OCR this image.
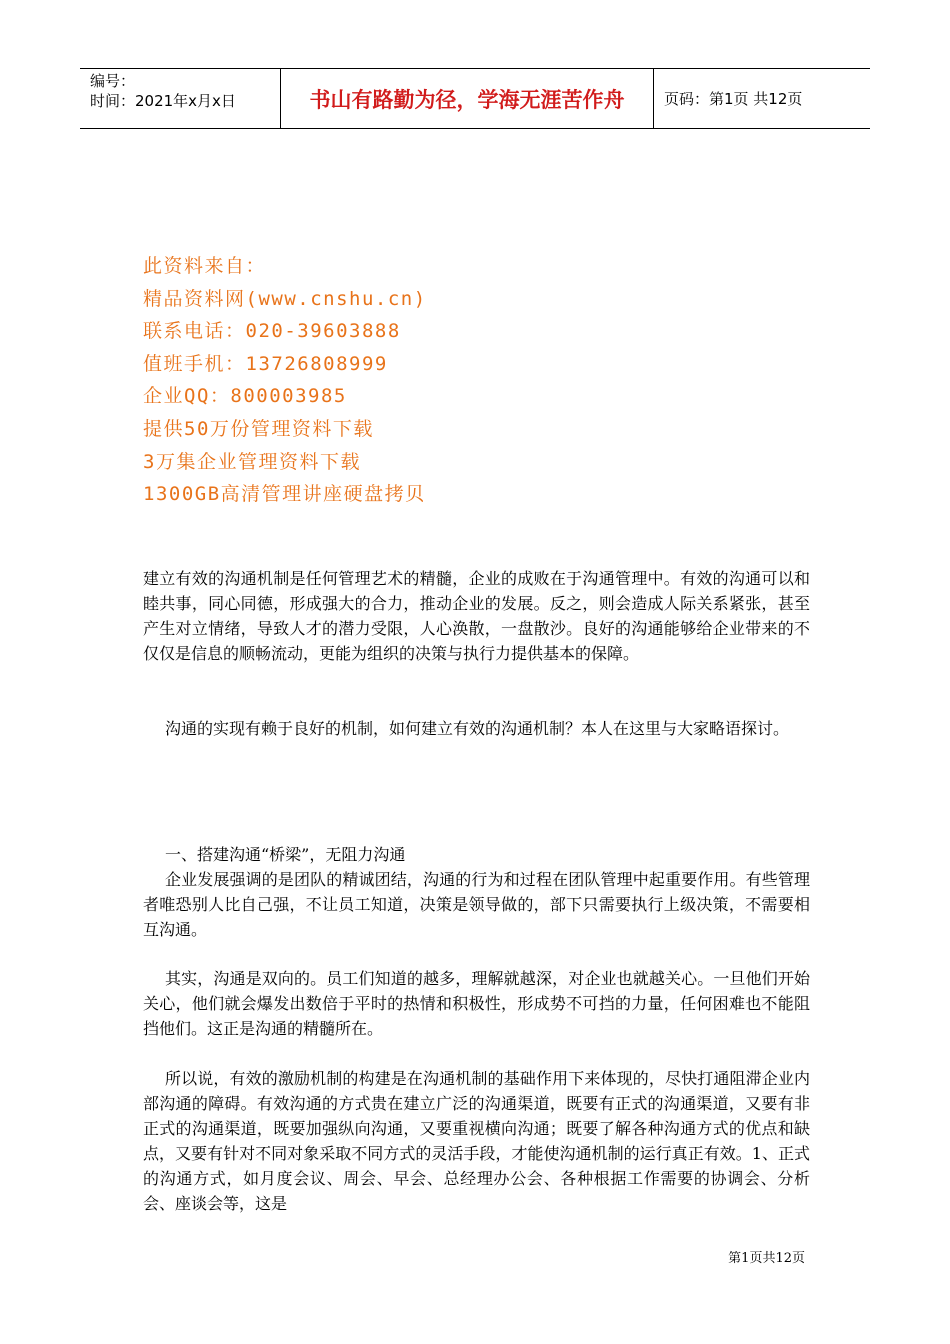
编号：
时间：2021年x月x日	书山有路勤为径，学海无涯苦作舟	页码：第1页 共12页
此资料来自：
精品资料网(www.cnshu.cn)
联系电话：020-39603888
值班手机：13726808999
企业QQ：800003985
提供50万份管理资料下载
3万集企业管理资料下载
1300GB高清管理讲座硬盘拷贝

建立有效的沟通机制是任何管理艺术的精髓，企业的成败在于沟通管理中。有效的沟通可以和睦共事，同心同德，形成强大的合力，推动企业的发展。反之，则会造成人际关系紧张，甚至产生对立情绪，导致人才的潜力受限，人心涣散，一盘散沙。良好的沟通能够给企业带来的不仅仅是信息的顺畅流动，更能为组织的决策与执行力提供基本的保障。

沟通的实现有赖于良好的机制，如何建立有效的沟通机制？本人在这里与大家略语探讨。

一、搭建沟通“桥梁”，无阻力沟通

企业发展强调的是团队的精诚团结，沟通的行为和过程在团队管理中起重要作用。有些管理者唯恐别人比自己强，不让员工知道，决策是领导做的，部下只需要执行上级决策，不需要相互沟通。

其实，沟通是双向的。员工们知道的越多，理解就越深，对企业也就越关心。一旦他们开始关心，他们就会爆发出数倍于平时的热情和积极性，形成势不可挡的力量，任何困难也不能阻挡他们。这正是沟通的精髓所在。

所以说，有效的激励机制的构建是在沟通机制的基础作用下来体现的，尽快打通阻滞企业内部沟通的障碍。有效沟通的方式贵在建立广泛的沟通渠道，既要有正式的沟通渠道，又要有非正式的沟通渠道，既要加强纵向沟通，又要重视横向沟通；既要了解各种沟通方式的优点和缺点，又要有针对不同对象采取不同方式的灵活手段，才能使沟通机制的运行真正有效。1、正式的沟通方式，如月度会议、周会、早会、总经理办公会、各种根据工作需要的协调会、分析会、座谈会等，这是

第1页共12页
